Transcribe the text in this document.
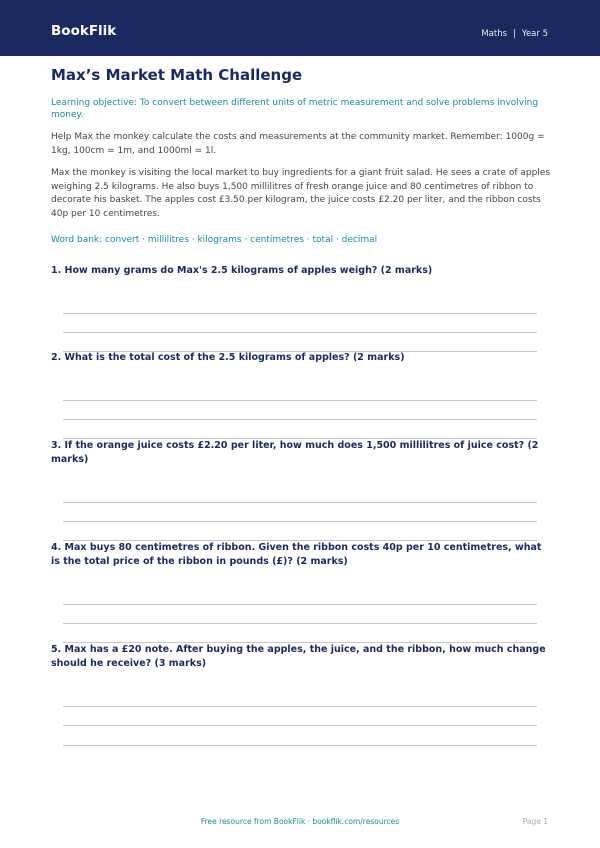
BookFlik	Maths | Year 5
Max’s Market Math Challenge
Learning objective: To convert between different units of metric measurement and solve problems involving money.
Help Max the monkey calculate the costs and measurements at the community market. Remember: 1000g = 1kg, 100cm = 1m, and 1000ml = 1l.
Max the monkey is visiting the local market to buy ingredients for a giant fruit salad. He sees a crate of apples weighing 2.5 kilograms. He also buys 1,500 millilitres of fresh orange juice and 80 centimetres of ribbon to decorate his basket. The apples cost £3.50 per kilogram, the juice costs £2.20 per liter, and the ribbon costs 40p per 10 centimetres.
Word bank: convert · millilitres · kilograms · centimetres · total · decimal
1. How many grams do Max's 2.5 kilograms of apples weigh? (2 marks)
2. What is the total cost of the 2.5 kilograms of apples? (2 marks)
3. If the orange juice costs £2.20 per liter, how much does 1,500 millilitres of juice cost? (2 marks)
4. Max buys 80 centimetres of ribbon. Given the ribbon costs 40p per 10 centimetres, what is the total price of the ribbon in pounds (£)? (2 marks)
5. Max has a £20 note. After buying the apples, the juice, and the ribbon, how much change should he receive? (3 marks)
Free resource from BookFlik · bookflik.com/resources	Page 1
